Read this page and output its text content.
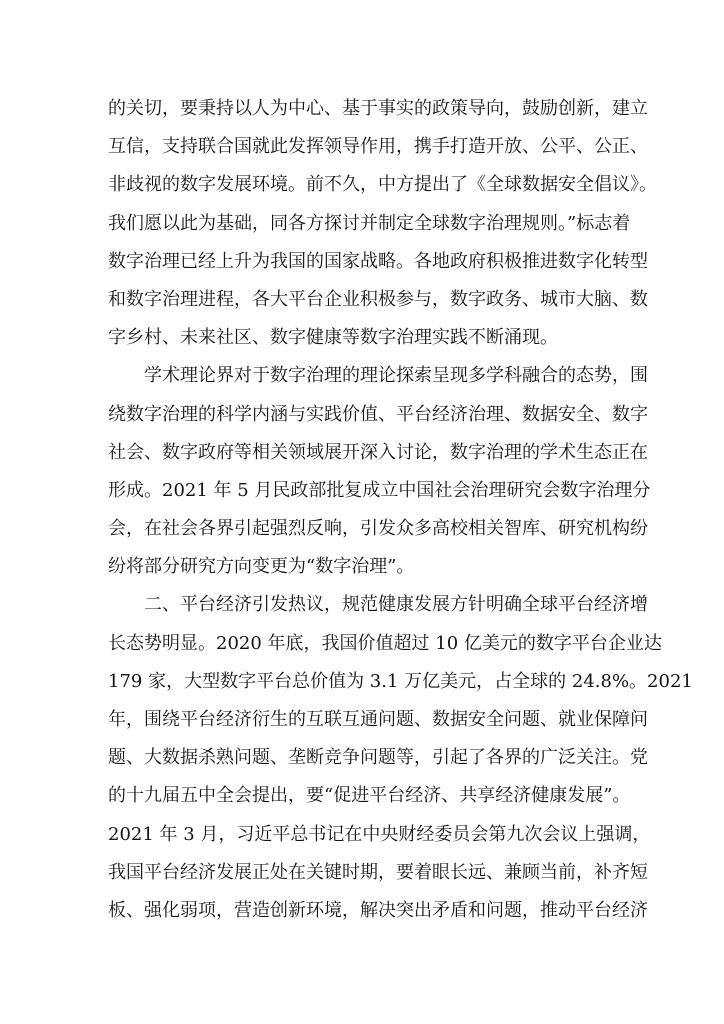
的关切，要秉持以人为中心、基于事实的政策导向，鼓励创新，建立
互信，支持联合国就此发挥领导作用，携手打造开放、公平、公正、
非歧视的数字发展环境。前不久，中方提出了《全球数据安全倡议》。
我们愿以此为基础，同各方探讨并制定全球数字治理规则。”标志着
数字治理已经上升为我国的国家战略。各地政府积极推进数字化转型
和数字治理进程，各大平台企业积极参与，数字政务、城市大脑、数
字乡村、未来社区、数字健康等数字治理实践不断涌现。
学术理论界对于数字治理的理论探索呈现多学科融合的态势，围
绕数字治理的科学内涵与实践价值、平台经济治理、数据安全、数字
社会、数字政府等相关领域展开深入讨论，数字治理的学术生态正在
形成。2021 年 5 月民政部批复成立中国社会治理研究会数字治理分
会，在社会各界引起强烈反响，引发众多高校相关智库、研究机构纷
纷将部分研究方向变更为“数字治理”。
二、平台经济引发热议，规范健康发展方针明确全球平台经济增
长态势明显。2020 年底，我国价值超过 10 亿美元的数字平台企业达
179 家，大型数字平台总价值为 3.1 万亿美元，占全球的 24.8%。2021
年，围绕平台经济衍生的互联互通问题、数据安全问题、就业保障问
题、大数据杀熟问题、垄断竞争问题等，引起了各界的广泛关注。党
的十九届五中全会提出，要“促进平台经济、共享经济健康发展”。
2021 年 3 月，习近平总书记在中央财经委员会第九次会议上强调，
我国平台经济发展正处在关键时期，要着眼长远、兼顾当前，补齐短
板、强化弱项，营造创新环境，解决突出矛盾和问题，推动平台经济
